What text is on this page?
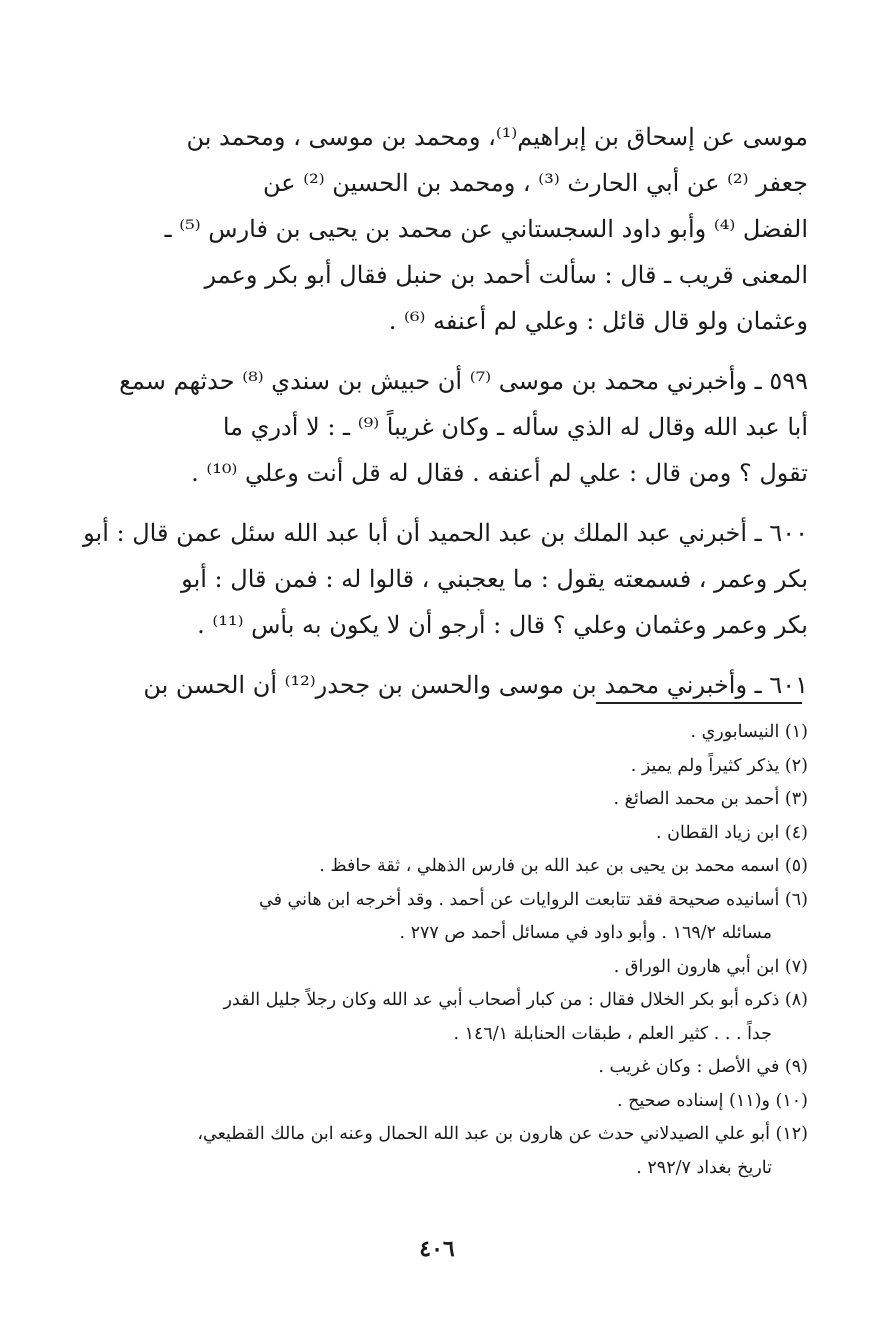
موسى عن إسحاق بن إبراهيم⁽¹⁾، ومحمد بن موسى ، ومحمد بن
جعفر ⁽²⁾ عن أبي الحارث ⁽³⁾ ، ومحمد بن الحسين ⁽²⁾ عن
الفضل ⁽⁴⁾ وأبو داود السجستاني عن محمد بن يحيى بن فارس ⁽⁵⁾ ـ
المعنى قريب ـ قال : سألت أحمد بن حنبل فقال أبو بكر وعمر
وعثمان ولو قال قائل : وعلي لم أعنفه ⁽⁶⁾ .
٥٩٩ ـ وأخبرني محمد بن موسى ⁽⁷⁾ أن حبيش بن سندي ⁽⁸⁾ حدثهم سمع
أبا عبد الله وقال له الذي سأله ـ وكان غريباً ⁽⁹⁾ ـ : لا أدري ما
تقول ؟ ومن قال : علي لم أعنفه . فقال له قل أنت وعلي ⁽¹⁰⁾ .
٦٠٠ ـ أخبرني عبد الملك بن عبد الحميد أن أبا عبد الله سئل عمن قال : أبو
بكر وعمر ، فسمعته يقول : ما يعجبني ، قالوا له : فمن قال : أبو
بكر وعمر وعثمان وعلي ؟ قال : أرجو أن لا يكون به بأس ⁽¹¹⁾ .
٦٠١ ـ وأخبرني محمد بن موسى والحسن بن جحدر⁽¹²⁾ أن الحسن بن
(١) النيسابوري .
(٢) يذكر كثيراً ولم يميز .
(٣) أحمد بن محمد الصائغ .
(٤) ابن زياد القطان .
(٥) اسمه محمد بن يحيى بن عبد الله بن فارس الذهلي ، ثقة حافظ .
(٦) أسانيده صحيحة فقد تتابعت الروايات عن أحمد . وقد أخرجه ابن هاني في
مسائله ١٦٩/٢ . وأبو داود في مسائل أحمد ص ٢٧٧ .
(٧) ابن أبي هارون الوراق .
(٨) ذكره أبو بكر الخلال فقال : من كبار أصحاب أبي عد الله وكان رجلاً جليل القدر
جداً . . . كثير العلم ، طبقات الحنابلة ١٤٦/١ .
(٩) في الأصل : وكان غريب .
(١٠) و(١١) إسناده صحيح .
(١٢) أبو علي الصيدلاني حدث عن هارون بن عبد الله الحمال وعنه ابن مالك القطيعي،
تاريخ بغداد ٢٩٢/٧ .
٤٠٦
